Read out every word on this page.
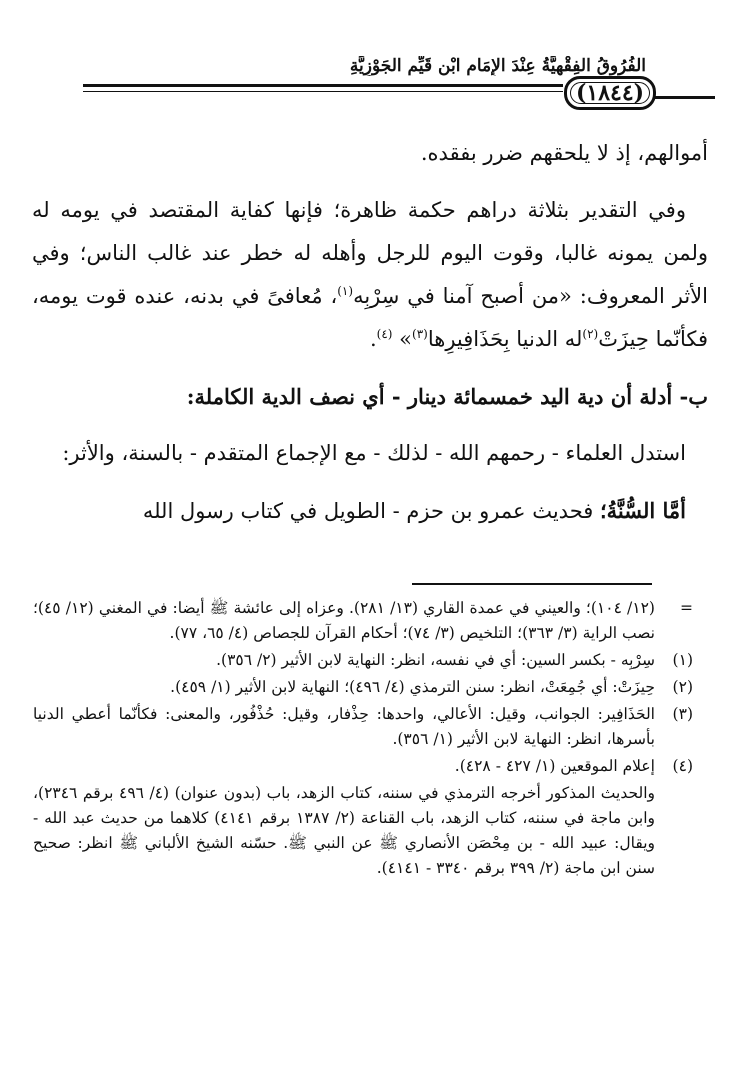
الفُرُوقُ الفِقْهِيَّةُ عِنْدَ الإِمَامِ ابْنِ قَيِّمِ الجَوْزِيَّةِ
(١٨٤٤)

أموالهم، إذ لا يلحقهم ضرر بفقده.

وفي التقدير بثلاثة دراهم حكمة ظاهرة؛ فإنها كفاية المقتصد في يومه له ولمن يمونه غالبا، وقوت اليوم للرجل وأهله له خطر عند غالب الناس؛ وفي الأثر المعروف: «من أصبح آمنا في سِرْبِه$^{(١)}$، مُعافىً في بدنه، عنده قوت يومه، فكأنّما حِيزَتْ$^{(٢)}$له الدنيا بِحَذَافِيرِها$^{(٣)}$» $^{(٤)}$.

ب- أدلة أن دية اليد خمسمائة دينار - أي نصف الدية الكاملة:

استدل العلماء - رحمهم الله - لذلك - مع الإجماع المتقدم - بالسنة، والأثر:

أمَّا السُّنَّةُ؛ فحديث عمرو بن حزم - الطويل في كتاب رسول الله

=
(١٢/ ١٠٤)؛ والعيني في عمدة القاري (١٣/ ٢٨١). وعزاه إلى عائشة ﷺ أيضا: في المغني (١٢/ ٤٥)؛ نصب الراية (٣/ ٣٦٣)؛ التلخيص (٣/ ٧٤)؛ أحكام القرآن للجصاص (٤/ ٦٥، ٧٧).
(١)
سِرْبِه - بكسر السين: أي في نفسه، انظر: النهاية لابن الأثير (٢/ ٣٥٦).
(٢)
حِيزَتْ: أي جُمِعَتْ، انظر: سنن الترمذي (٤/ ٤٩٦)؛ النهاية لابن الأثير (١/ ٤٥٩).
(٣)
الحَذَافِير: الجوانب، وقيل: الأعالي، واحدها: حِذْفار، وقيل: حُذْفُور، والمعنى: فكأنّما أعطي الدنيا بأسرها، انظر: النهاية لابن الأثير (١/ ٣٥٦).
(٤)
إعلام الموقعين (١/ ٤٢٧ - ٤٢٨).
والحديث المذكور أخرجه الترمذي في سننه، كتاب الزهد، باب (بدون عنوان) (٤/ ٤٩٦ برقم ٢٣٤٦)، وابن ماجة في سننه، كتاب الزهد، باب القناعة (٢/ ١٣٨٧ برقم ٤١٤١) كلاهما من حديث عبد الله - ويقال: عبيد الله - بن مِحْصَن الأنصاري ﷺ عن النبي ﷺ. حسّنه الشيخ الألباني ﷺ انظر: صحيح سنن ابن ماجة (٢/ ٣٩٩ برقم ٣٣٤٠ - ٤١٤١).
